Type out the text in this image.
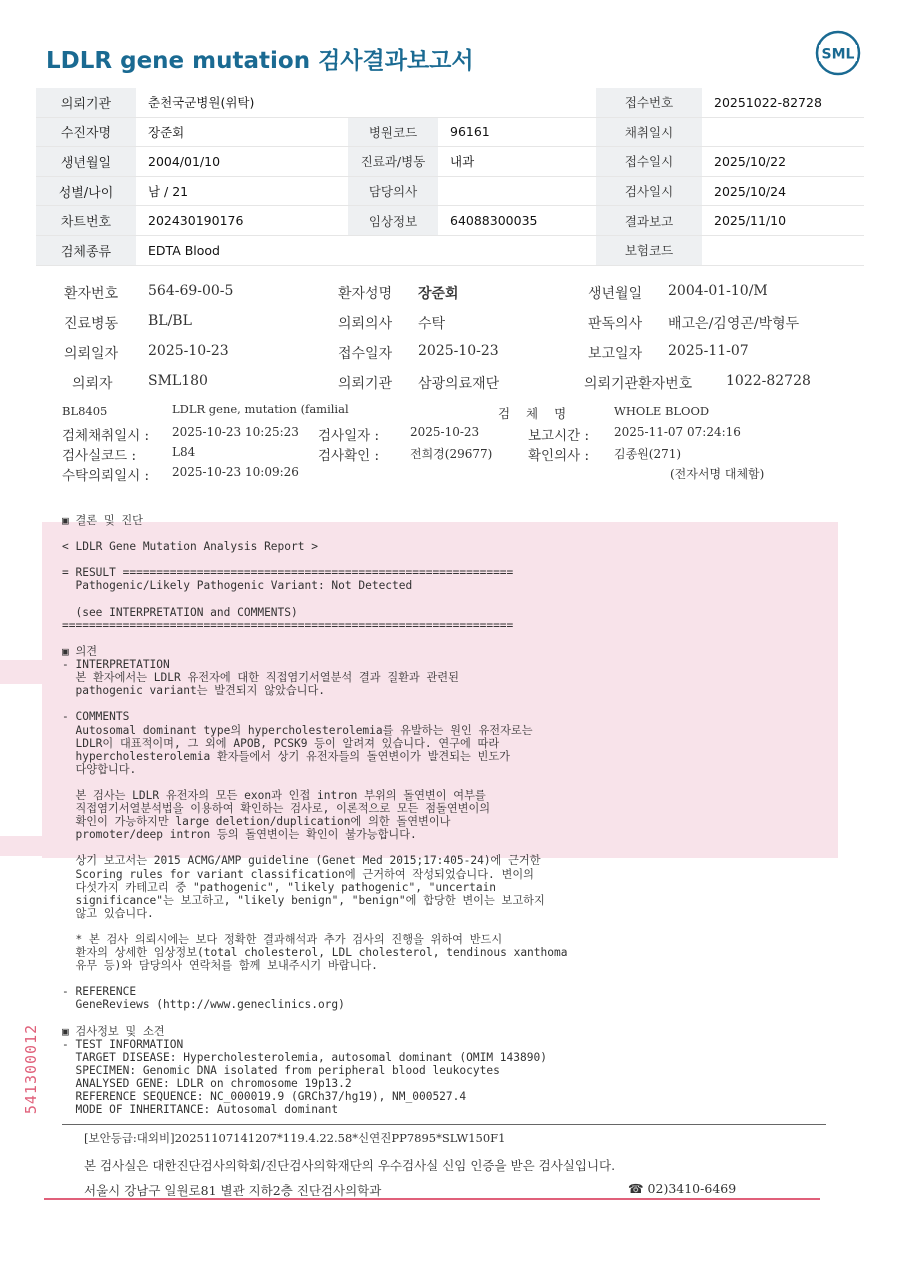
LDLR gene mutation 검사결과보고서	SML
의뢰기관	춘천국군병원(위탁)			접수번호	20251022-82728
수진자명	장준회	병원코드	96161	채취일시	
생년월일	2004/01/10	진료과/병동	내과	접수일시	2025/10/22
성별/나이	남 / 21	담당의사		검사일시	2025/10/24
차트번호	202430190176	임상정보	64088300035	결과보고	2025/11/10
검체종류	EDTA Blood			보험코드	
환자번호 564-69-00-5	환자성명 장준회	생년월일 2004-01-10/M
진료병동 BL/BL	의뢰의사 수탁	판독의사 배고은/김영곤/박형두
의뢰일자 2025-10-23	접수일자 2025-10-23	보고일자 2025-11-07
의뢰자	SML180	의뢰기관 삼광의료재단	의뢰기관환자번호 1022-82728
BL8405	LDLR gene, mutation (familial	검 체 명	WHOLE BLOOD
검체채취일시 : 2025-10-23 10:25:23 검사일자 :	2025-10-23	보고시간 : 2025-11-07 07:24:16
검사실코드 :	L84	검사확인 :	전희경(29677)	확인의사 : 김종원(271)
수탁의뢰일시 : 2025-10-23 10:09:26	(전자서명 대체함)
▣ 결론 및 진단

< LDLR Gene Mutation Analysis Report >

= RESULT ==========================================================
Pathogenic/Likely Pathogenic Variant: Not Detected

(see INTERPRETATION and COMMENTS)
===================================================================

▣ 의견
- INTERPRETATION
본 환자에서는 LDLR 유전자에 대한 직접염기서열분석 결과 질환과 관련된
pathogenic variant는 발견되지 않았습니다.

- COMMENTS
Autosomal dominant type의 hypercholesterolemia를 유발하는 원인 유전자로는
LDLR이 대표적이며, 그 외에 APOB, PCSK9 등이 알려져 있습니다. 연구에 따라
hypercholesterolemia 환자들에서 상기 유전자들의 돌연변이가 발견되는 빈도가
다양합니다.

본 검사는 LDLR 유전자의 모든 exon과 인접 intron 부위의 돌연변이 여부를
직접염기서열분석법을 이용하여 확인하는 검사로, 이론적으로 모든 점돌연변이의
확인이 가능하지만 large deletion/duplication에 의한 돌연변이나
promoter/deep intron 등의 돌연변이는 확인이 불가능합니다.

상기 보고서는 2015 ACMG/AMP guideline (Genet Med 2015;17:405-24)에 근거한
Scoring rules for variant classification에 근거하여 작성되었습니다. 변이의
다섯가지 카테고리 중 "pathogenic", "likely pathogenic", "uncertain
significance"는 보고하고, "likely benign", "benign"에 합당한 변이는 보고하지
않고 있습니다.

* 본 검사 의뢰시에는 보다 정확한 결과해석과 추가 검사의 진행을 위하여 반드시
환자의 상세한 임상정보(total cholesterol, LDL cholesterol, tendinous xanthoma
유무 등)와 담당의사 연락처를 함께 보내주시기 바랍니다.

- REFERENCE
GeneReviews (http://www.geneclinics.org)

▣ 검사정보 및 소견
- TEST INFORMATION
TARGET DISEASE: Hypercholesterolemia, autosomal dominant (OMIM 143890)
SPECIMEN: Genomic DNA isolated from peripheral blood leukocytes
ANALYSED GENE: LDLR on chromosome 19p13.2
REFERENCE SEQUENCE: NC_000019.9 (GRCh37/hg19), NM_000527.4
MODE OF INHERITANCE: Autosomal dominant
541300012
[보안등급:대외비]20251107141207*119.4.22.58*신연진PP7895*SLW150F1
본 검사실은 대한진단검사의학회/진단검사의학재단의 우수검사실 신임 인증을 받은 검사실입니다.
서울시 강남구 일원로81 별관 지하2층 진단검사의학과	☎ 02)3410-6469
